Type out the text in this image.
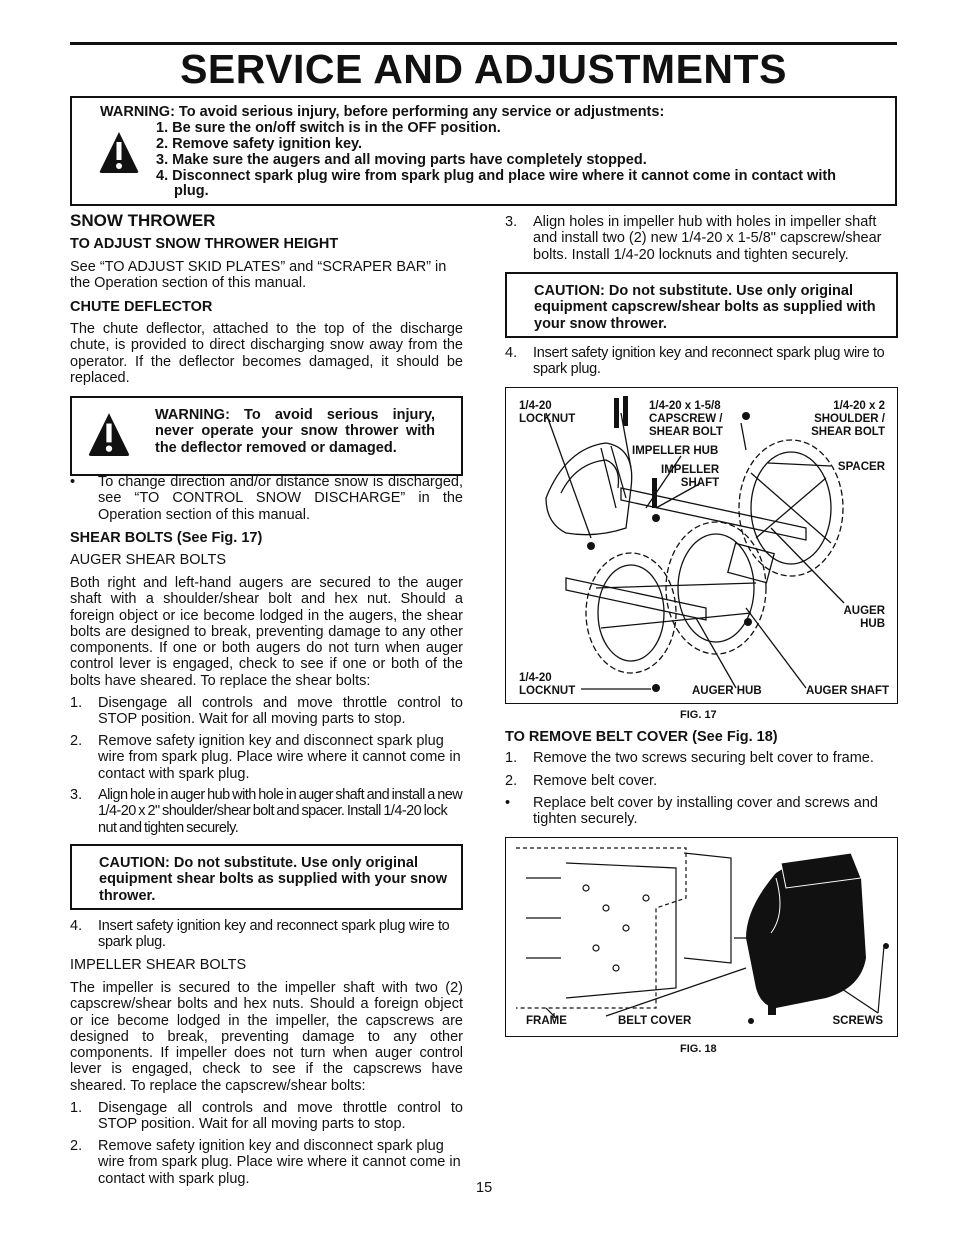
SERVICE AND ADJUSTMENTS
WARNING: To avoid serious injury, before performing any service or adjustments:
1. Be sure the on/off switch is in the OFF position.
2. Remove safety ignition key.
3. Make sure the augers and all moving parts have completely stopped.
4. Disconnect spark plug wire from spark plug and place wire where it cannot come in contact with
plug.
SNOW THROWER
TO ADJUST SNOW THROWER HEIGHT

See “TO ADJUST SKID PLATES” and “SCRAPER BAR” in the Operation section of this manual.

CHUTE DEFLECTOR

The chute deflector, attached to the top of the discharge chute, is provided to direct discharging snow away from the operator. If the deflector becomes damaged, it should be replaced.

WARNING: To avoid serious injury, never operate your snow thrower with the deflector removed or damaged.

• To change direction and/or distance snow is discharged, see “TO CONTROL SNOW DISCHARGE” in the Operation section of this manual.
SHEAR BOLTS (See Fig. 17)
AUGER SHEAR BOLTS

Both right and left-hand augers are secured to the auger shaft with a shoulder/shear bolt and hex nut. Should a foreign object or ice become lodged in the augers, the shear bolts are designed to break, preventing damage to any other components. If one or both augers do not turn when auger control lever is engaged, check to see if one or both of the bolts have sheared. To replace the shear bolts:

1. Disengage all controls and move throttle control to STOP position. Wait for all moving parts to stop.
2. Remove safety ignition key and disconnect spark plug wire from spark plug. Place wire where it cannot come in contact with spark plug.
3. Align hole in auger hub with hole in auger shaft and install a new 1/4-20 x 2" shoulder/shear bolt and spacer. Install 1/4-20 lock nut and tighten securely.

CAUTION: Do not substitute. Use only original equipment shear bolts as supplied with your snow thrower.

4. Insert safety ignition key and reconnect spark plug wire to spark plug.
IMPELLER SHEAR BOLTS

The impeller is secured to the impeller shaft with two (2) capscrew/shear bolts and hex nuts. Should a foreign object or ice become lodged in the impeller, the capscrews are designed to break, preventing damage to any other components. If impeller does not turn when auger control lever is engaged, check to see if the capscrews have sheared. To replace the capscrew/shear bolts:

1. Disengage all controls and move throttle control to STOP position. Wait for all moving parts to stop.
2. Remove safety ignition key and disconnect spark plug wire from spark plug. Place wire where it cannot come in contact with spark plug.
3. Align holes in impeller hub with holes in impeller shaft and install two (2) new 1/4-20 x 1-5/8" capscrew/shear bolts. Install 1/4-20 locknuts and tighten securely.

CAUTION: Do not substitute. Use only original equipment capscrew/shear bolts as supplied with your snow thrower.

4. Insert safety ignition key and reconnect spark plug wire to spark plug.
1/4-20
LOCKNUT
1/4-20 x 1-5/8
CAPSCREW /
SHEAR BOLT
1/4-20 x 2
SHOULDER /
SHEAR BOLT
IMPELLER HUB
IMPELLER
SHAFT
SPACER
AUGER
HUB
1/4-20
LOCKNUT	AUGER HUB	AUGER SHAFT
FIG. 17
TO REMOVE BELT COVER (See Fig. 18)
1. Remove the two screws securing belt cover to frame.
2. Remove belt cover.
• Replace belt cover by installing cover and screws and tighten securely.
FRAME	BELT COVER	SCREWS
FIG. 18
15
